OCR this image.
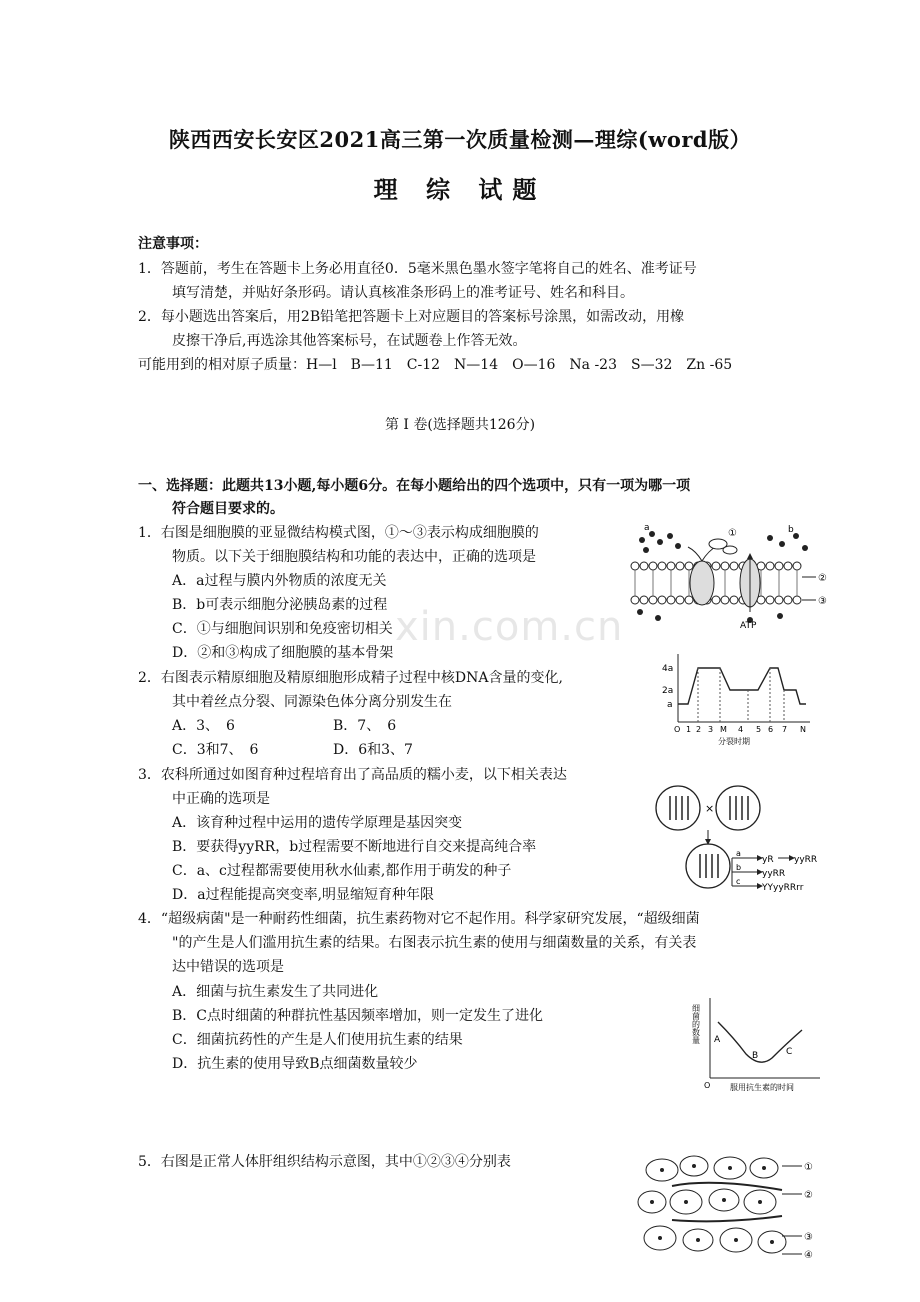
陕西西安长安区2021高三第一次质量检测—理综(word版）
理 综 试题
注意事项：
1．答题前，考生在答题卡上务必用直径0．5毫米黑色墨水签字笔将自己的姓名、准考证号
填写清楚，并贴好条形码。请认真核准条形码上的准考证号、姓名和科目。
2．每小题选出答案后，用2B铅笔把答题卡上对应题目的答案标号涂黑，如需改动，用橡
皮擦干净后,再选涂其他答案标号，在试题卷上作答无效。
可能用到的相对原子质量：H—l　B—11　C-12　N—14　O—16　Na -23　S—32　Zn -65
第 Ⅰ 卷(选择题共126分)
一、选择题：此题共13小题,每小题6分。在每小题给出的四个选项中，只有一项为哪一项
符合题目要求的。
1．右图是细胞膜的亚显微结构模式图，①～③表示构成细胞膜的
物质。以下关于细胞膜结构和功能的表达中，正确的选项是
A．a过程与膜内外物质的浓度无关
B．b可表示细胞分泌胰岛素的过程
C．①与细胞间识别和免疫密切相关
D．②和③构成了细胞膜的基本骨架
2．右图表示精原细胞及精原细胞形成精子过程中核DNA含量的变化,
其中着丝点分裂、同源染色体分离分别发生在
A．3、　6	B．7、　6
C．3和7、　6	D．6和3、7
3．农科所通过如图育种过程培育出了高品质的糯小麦，以下相关表达
中正确的选项是
A．该育种过程中运用的遗传学原理是基因突变
B．要获得yyRR，b过程需要不断地进行自交来提高纯合率
C．a、c过程都需要使用秋水仙素,都作用于萌发的种子
D．a过程能提高突变率,明显缩短育种年限
4．“超级病菌"是一种耐药性细菌，抗生素药物对它不起作用。科学家研究发展，“超级细菌
"的产生是人们滥用抗生素的结果。右图表示抗生素的使用与细菌数量的关系，有关表
达中错误的选项是
A．细菌与抗生素发生了共同进化
B．C点时细菌的种群抗性基因频率增加，则一定发生了进化
C．细菌抗药性的产生是人们使用抗生素的结果
D．抗生素的使用导致B点细菌数量较少
5．右图是正常人体肝组织结构示意图，其中①②③④分别表
xin.com.cn
a	b
②
③
ATP
①
4a
2a
a
O 1 2 3 M 4 5 6 7 N
分裂时期
×
yR yyRR
yyRR
YYyyRRrr
a
b
c
细菌的数量 A
B	C
O 服用抗生素的时间
①
②
③
④
